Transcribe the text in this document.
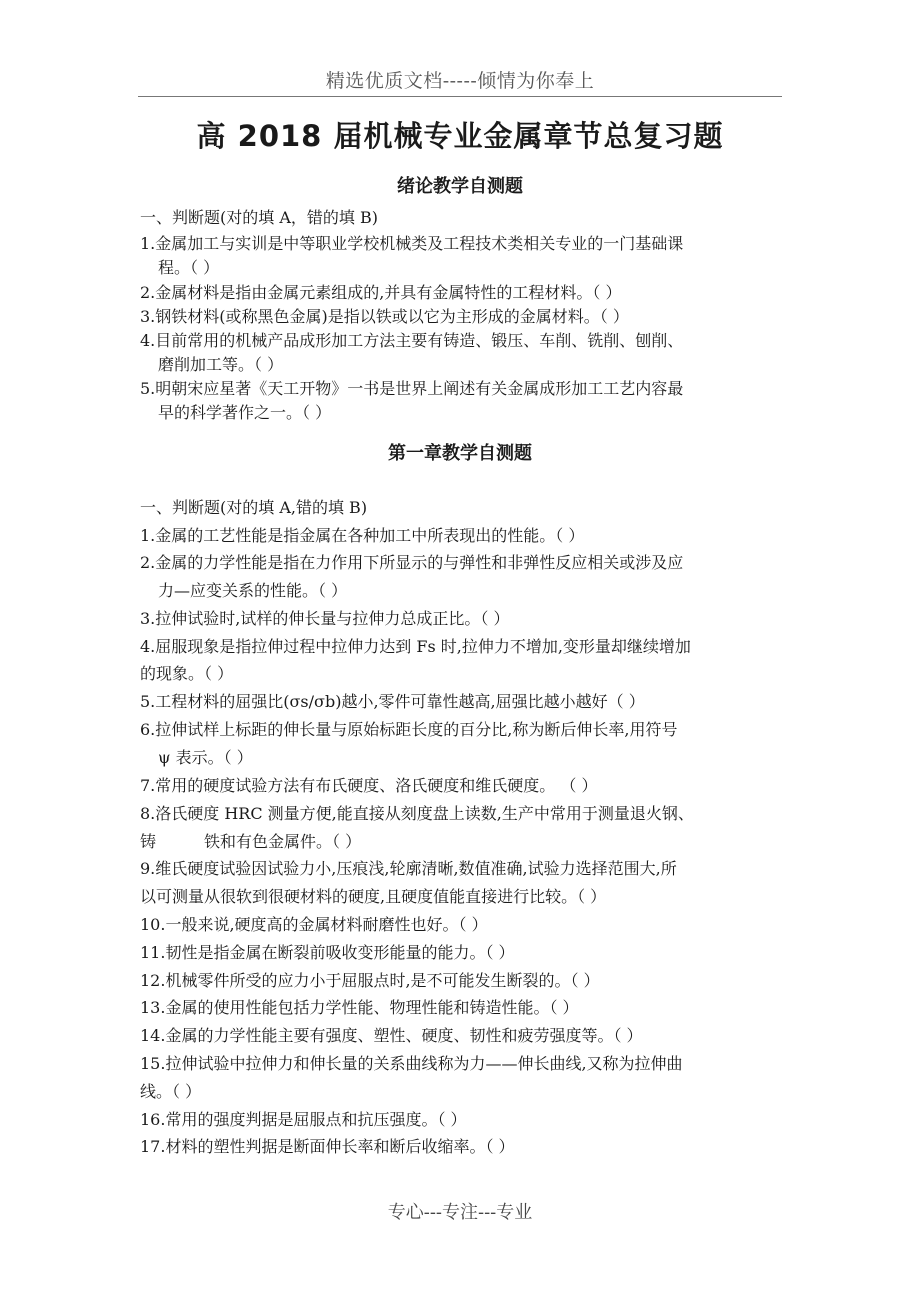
精选优质文档-----倾情为你奉上
高 2018 届机械专业金属章节总复习题
绪论教学自测题
一、判断题(对的填 A，错的填 B)
1.金属加工与实训是中等职业学校机械类及工程技术类相关专业的一门基础课
程。（ ）
2.金属材料是指由金属元素组成的,并具有金属特性的工程材料。（ ）
3.钢铁材料(或称黑色金属)是指以铁或以它为主形成的金属材料。（ ）
4.目前常用的机械产品成形加工方法主要有铸造、锻压、车削、铣削、刨削、
磨削加工等。（ ）
5.明朝宋应星著《天工开物》一书是世界上阐述有关金属成形加工工艺内容最
早的科学著作之一。（ ）
第一章教学自测题
一、判断题(对的填 A,错的填 B)
1.金属的工艺性能是指金属在各种加工中所表现出的性能。（ ）
2.金属的力学性能是指在力作用下所显示的与弹性和非弹性反应相关或涉及应
力—应变关系的性能。（ ）
3.拉伸试验时,试样的伸长量与拉伸力总成正比。（ ）
4.屈服现象是指拉伸过程中拉伸力达到 Fs 时,拉伸力不增加,变形量却继续增加
的现象。（ ）
5.工程材料的屈强比(σs/σb)越小,零件可靠性越高,屈强比越小越好（ ）
6.拉伸试样上标距的伸长量与原始标距长度的百分比,称为断后伸长率,用符号
ψ 表示。（ ）
7.常用的硬度试验方法有布氏硬度、洛氏硬度和维氏硬度。 （ ）
8.洛氏硬度 HRC 测量方便,能直接从刻度盘上读数,生产中常用于测量退火钢、
铸	铁和有色金属件。（ ）
9.维氏硬度试验因试验力小,压痕浅,轮廓清晰,数值准确,试验力选择范围大,所
以可测量从很软到很硬材料的硬度,且硬度值能直接进行比较。（ ）
10.一般来说,硬度高的金属材料耐磨性也好。（ ）
11.韧性是指金属在断裂前吸收变形能量的能力。（ ）
12.机械零件所受的应力小于屈服点时,是不可能发生断裂的。（ ）
13.金属的使用性能包括力学性能、物理性能和铸造性能。（ ）
14.金属的力学性能主要有强度、塑性、硬度、韧性和疲劳强度等。（ ）
15.拉伸试验中拉伸力和伸长量的关系曲线称为力——伸长曲线,又称为拉伸曲
线。（ ）
16.常用的强度判据是屈服点和抗压强度。（ ）
17.材料的塑性判据是断面伸长率和断后收缩率。（ ）
专心---专注---专业
